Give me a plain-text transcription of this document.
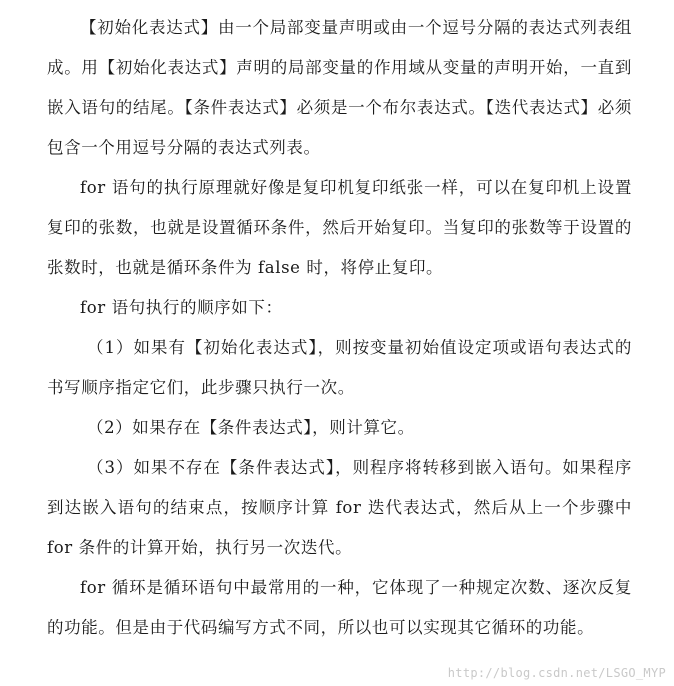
【初始化表达式】由一个局部变量声明或由一个逗号分隔的表达式列表组成。用【初始化表达式】声明的局部变量的作用域从变量的声明开始，一直到嵌入语句的结尾。【条件表达式】必须是一个布尔表达式。【迭代表达式】必须包含一个用逗号分隔的表达式列表。

for 语句的执行原理就好像是复印机复印纸张一样，可以在复印机上设置复印的张数，也就是设置循环条件，然后开始复印。当复印的张数等于设置的张数时，也就是循环条件为 false 时，将停止复印。

for 语句执行的顺序如下：

（1）如果有【初始化表达式】，则按变量初始值设定项或语句表达式的书写顺序指定它们，此步骤只执行一次。

（2）如果存在【条件表达式】，则计算它。

（3）如果不存在【条件表达式】，则程序将转移到嵌入语句。如果程序到达嵌入语句的结束点，按顺序计算 for 迭代表达式，然后从上一个步骤中 for 条件的计算开始，执行另一次迭代。

for 循环是循环语句中最常用的一种，它体现了一种规定次数、逐次反复的功能。但是由于代码编写方式不同，所以也可以实现其它循环的功能。

http://blog.csdn.net/LSGO_MYP
